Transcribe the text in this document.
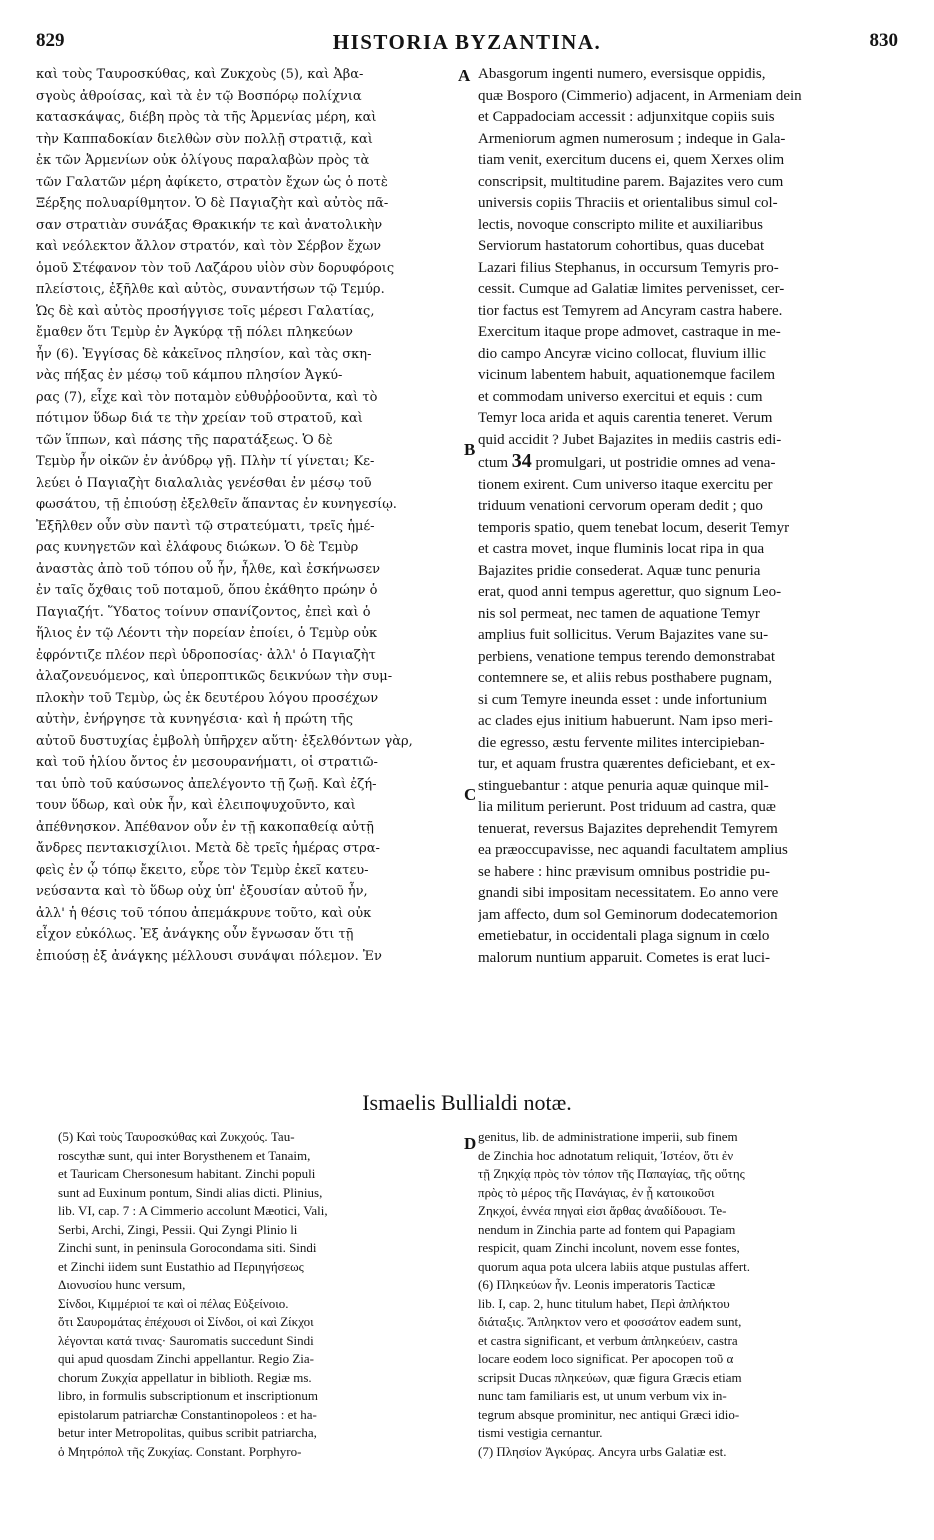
829	HISTORIA BYZANTINA.	830
καὶ τοὺς Ταυροσκύθας, καὶ Ζυκχοὺς (5), καὶ Ἀβα-
σγοὺς ἀθροίσας, καὶ τὰ ἐν τῷ Βοσπόρῳ πολίχνια
κατασκάψας, διέβη πρὸς τὰ τῆς Ἀρμενίας μέρη, καὶ
τὴν Καππαδοκίαν διελθὼν σὺν πολλῇ στρατιᾷ, καὶ
ἐκ τῶν Ἀρμενίων οὐκ ὀλίγους παραλαβὼν πρὸς τὰ
τῶν Γαλατῶν μέρη ἀφίκετο, στρατὸν ἔχων ὡς ὁ ποτὲ
Ξέρξης πολυαρίθμητον. Ὁ δὲ Παγιαζὴτ καὶ αὐτὸς πᾶ-
σαν στρατιὰν συνάξας Θρακικήν τε καὶ ἀνατολικὴν
καὶ νεόλεκτον ἄλλον στρατόν, καὶ τὸν Σέρβον ἔχων
ὁμοῦ Στέφανον τὸν τοῦ Λαζάρου υἱὸν σὺν δορυφόροις
πλείστοις, ἐξῆλθε καὶ αὐτὸς, συναντήσων τῷ Τεμύρ.
Ὡς δὲ καὶ αὐτὸς προσήγγισε τοῖς μέρεσι Γαλατίας,
ἔμαθεν ὅτι Τεμὺρ ἐν Ἀγκύρᾳ τῇ πόλει πληκεύων
ἦν (6). Ἐγγίσας δὲ κἀκεῖνος πλησίον, καὶ τὰς σκη-
νὰς πήξας ἐν μέσῳ τοῦ κάμπου πλησίον Ἀγκύ-
ρας (7), εἶχε καὶ τὸν ποταμὸν εὐθυῤῥοοῦντα, καὶ τὸ
πότιμον ὕδωρ διά τε τὴν χρείαν τοῦ στρατοῦ, καὶ
τῶν ἵππων, καὶ πάσης τῆς παρατάξεως. Ὁ δὲ
Τεμὺρ ἦν οἰκῶν ἐν ἀνύδρῳ γῇ. Πλὴν τί γίνεται; Κε-
λεύει ὁ Παγιαζὴτ διαλαλιὰς γενέσθαι ἐν μέσῳ τοῦ
φωσάτου, τῇ ἐπιούσῃ ἐξελθεῖν ἅπαντας ἐν κυνηγεσίῳ.
Ἐξῆλθεν οὖν σὺν παντὶ τῷ στρατεύματι, τρεῖς ἡμέ-
ρας κυνηγετῶν καὶ ἐλάφους διώκων. Ὁ δὲ Τεμὺρ
ἀναστὰς ἀπὸ τοῦ τόπου οὗ ἦν, ἦλθε, καὶ ἐσκήνωσεν
ἐν ταῖς ὄχθαις τοῦ ποταμοῦ, ὅπου ἐκάθητο πρώην ὁ
Παγιαζήτ. Ὕδατος τοίνυν σπανίζοντος, ἐπεὶ καὶ ὁ
ἥλιος ἐν τῷ Λέοντι τὴν πορείαν ἐποίει, ὁ Τεμὺρ οὐκ
ἐφρόντιζε πλέον περὶ ὑδροποσίας· ἀλλ' ὁ Παγιαζὴτ
ἀλαζονευόμενος, καὶ ὑπεροπτικῶς δεικνύων τὴν συμ-
πλοκὴν τοῦ Τεμὺρ, ὡς ἐκ δευτέρου λόγου προσέχων
αὐτὴν, ἐνήργησε τὰ κυνηγέσια· καὶ ἡ πρώτη τῆς
αὐτοῦ δυστυχίας ἐμβολὴ ὑπῆρχεν αὕτη· ἐξελθόντων γὰρ,
καὶ τοῦ ἡλίου ὄντος ἐν μεσουρανήματι, οἱ στρατιῶ-
ται ὑπὸ τοῦ καύσωνος ἀπελέγοντο τῇ ζωῇ. Καὶ ἐζή-
τουν ὕδωρ, καὶ οὐκ ἦν, καὶ ἐλειποψυχοῦντο, καὶ
ἀπέθνησκον. Ἀπέθανον οὖν ἐν τῇ κακοπαθείᾳ αὐτῇ
ἄνδρες πεντακισχίλιοι. Μετὰ δὲ τρεῖς ἡμέρας στρα-
φεὶς ἐν ᾧ τόπῳ ἔκειτο, εὗρε τὸν Τεμὺρ ἐκεῖ κατευ-
νεύσαντα καὶ τὸ ὕδωρ οὐχ ὑπ' ἐξουσίαν αὐτοῦ ἦν,
ἀλλ' ἡ θέσις τοῦ τόπου ἀπεμάκρυνε τοῦτο, καὶ οὐκ
εἶχον εὐκόλως. Ἐξ ἀνάγκης οὖν ἔγνωσαν ὅτι τῇ
ἐπιούσῃ ἐξ ἀνάγκης μέλλουσι συνάψαι πόλεμον. Ἐν
Abasgorum ingenti numero, eversisque oppidis,
quæ Bosporo (Cimmerio) adjacent, in Armeniam dein
et Cappadociam accessit : adjunxitque copiis suis
Armeniorum agmen numerosum ; indeque in Gala-
tiam venit, exercitum ducens ei, quem Xerxes olim
conscripsit, multitudine parem. Bajazites vero cum
universis copiis Thraciis et orientalibus simul col-
lectis, novoque conscripto milite et auxiliaribus
Serviorum hastatorum cohortibus, quas ducebat
Lazari filius Stephanus, in occursum Temyris pro-
cessit. Cumque ad Galatiæ limites pervenisset, cer-
tior factus est Temyrem ad Ancyram castra habere.
Exercitum itaque prope admovet, castraque in me-
dio campo Ancyræ vicino collocat, fluvium illic
vicinum labentem habuit, aquationemque facilem
et commodam universo exercitui et equis : cum
Temyr loca arida et aquis carentia teneret. Verum
quid accidit ? Jubet Bajazites in mediis castris edi-
ctum 34 promulgari, ut postridie omnes ad vena-
tionem exirent. Cum universo itaque exercitu per
triduum venationi cervorum operam dedit ; quo
temporis spatio, quem tenebat locum, deserit Temyr
et castra movet, inque fluminis locat ripa in qua
Bajazites pridie consederat. Aquæ tunc penuria
erat, quod anni tempus agerettur, quo signum Leo-
nis sol permeat, nec tamen de aquatione Temyr
amplius fuit sollicitus. Verum Bajazites vane su-
perbiens, venatione tempus terendo demonstrabat
contemnere se, et aliis rebus posthabere pugnam,
si cum Temyre ineunda esset : unde infortunium
ac clades ejus initium habuerunt. Nam ipso meri-
die egresso, æstu fervente milites intercipieban-
tur, et aquam frustra quærentes deficiebant, et ex-
stinguebantur : atque penuria aquæ quinque mil-
lia militum perierunt. Post triduum ad castra, quæ
tenuerat, reversus Bajazites deprehendit Temyrem
ea præoccupavisse, nec aquandi facultatem amplius
se habere : hinc prævisum omnibus postridie pu-
gnandi sibi impositam necessitatem. Eo anno vere
jam affecto, dum sol Geminorum dodecatemorion
emetiebatur, in occidentali plaga signum in cœlo
malorum nuntium apparuit. Cometes is erat luci-
A
B
C
D
Ismaelis Bullialdi notæ.
(5) Καὶ τοὺς Ταυροσκύθας καὶ Ζυκχούς. Tau-
roscythæ sunt, qui inter Borysthenem et Tanaim,
et Tauricam Chersonesum habitant. Zinchi populi
sunt ad Euxinum pontum, Sindi alias dicti. Plinius,
lib. VI, cap. 7 : A Cimmerio accolunt Mæotici, Vali,
Serbi, Archi, Zingi, Pessii. Qui Zyngi Plinio li
Zinchi sunt, in peninsula Gorocondama siti. Sindi
et Zinchi iidem sunt Eustathio ad Περιηγήσεως
Διονυσίου hunc versum,
Σίνδοι, Κιμμέριοί τε καὶ οἱ πέλας Εὐξείνοιο.
ὅτι Σαυρομάτας ἐπέχουσι οἱ Σίνδοι, οἱ καὶ Ζίκχοι
λέγονται κατά τινας· Sauromatis succedunt Sindi
qui apud quosdam Zinchi appellantur. Regio Zia-
chorum Ζυκχία appellatur in biblioth. Regiæ ms.
libro, in formulis subscriptionum et inscriptionum
epistolarum patriarchæ Constantinopoleos : et ha-
betur inter Metropolitas, quibus scribit patriarcha,
ὁ Μητρόπολ τῆς Ζυκχίας. Constant. Porphyro-
genitus, lib. de administratione imperii, sub finem
de Zinchia hoc adnotatum reliquit, Ἰστέον, ὅτι ἐν
τῇ Ζηκχίᾳ πρὸς τὸν τόπον τῆς Παπαγίας, τῆς οὔτης
πρὸς τὸ μέρος τῆς Πανάγιας, ἐν ᾗ κατοικοῦσι
Ζηκχοί, ἐννέα πηγαὶ εἰσι ἄρθας ἀναδίδουσι. Te-
nendum in Zinchia parte ad fontem qui Papagiam
respicit, quam Zinchi incolunt, novem esse fontes,
quorum aqua pota ulcera labiis atque pustulas affert.
(6) Πληκεύων ἦν. Leonis imperatoris Tacticæ
lib. I, cap. 2, hunc titulum habet, Περὶ ἀπλήκτου
διάταξις. Ἄπληκτον vero et φοσσάτον eadem sunt,
et castra significant, et verbum ἀπληκεύειν, castra
locare eodem loco significat. Per apocopen τοῦ α
scripsit Ducas πληκεύων, quæ figura Græcis etiam
nunc tam familiaris est, ut unum verbum vix in-
tegrum absque prominitur, nec antiqui Græci idio-
tismi vestigia cernantur.
(7) Πλησίον Ἀγκύρας. Ancyra urbs Galatiæ est.
